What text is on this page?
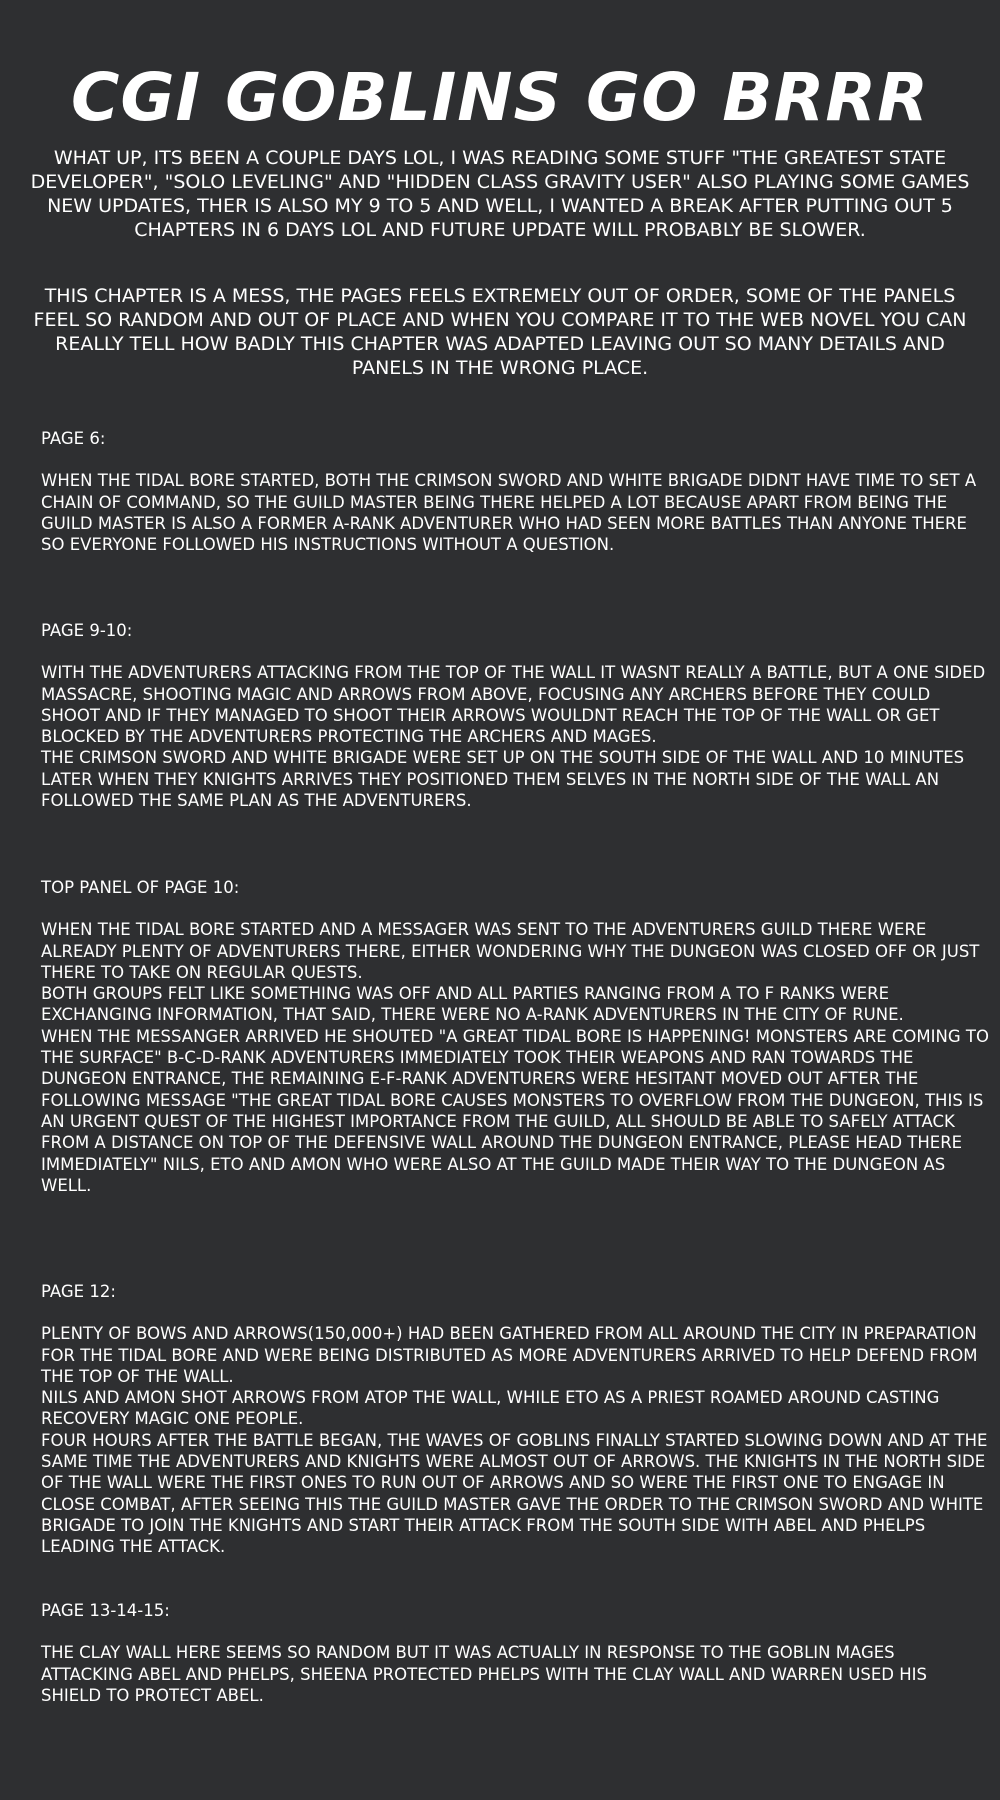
CGI GOBLINS GO BRRR
WHAT UP, ITS BEEN A COUPLE DAYS LOL, I WAS READING SOME STUFF "THE GREATEST STATE DEVELOPER", "SOLO LEVELING" AND "HIDDEN CLASS GRAVITY USER" ALSO PLAYING SOME GAMES NEW UPDATES, THER IS ALSO MY 9 TO 5 AND WELL, I WANTED A BREAK AFTER PUTTING OUT 5 CHAPTERS IN 6 DAYS LOL AND FUTURE UPDATE WILL PROBABLY BE SLOWER.
THIS CHAPTER IS A MESS, THE PAGES FEELS EXTREMELY OUT OF ORDER, SOME OF THE PANELS FEEL SO RANDOM AND OUT OF PLACE AND WHEN YOU COMPARE IT TO THE WEB NOVEL YOU CAN REALLY TELL HOW BADLY THIS CHAPTER WAS ADAPTED LEAVING OUT SO MANY DETAILS AND PANELS IN THE WRONG PLACE.
PAGE 6:
WHEN THE TIDAL BORE STARTED, BOTH THE CRIMSON SWORD AND WHITE BRIGADE DIDNT HAVE TIME TO SET A CHAIN OF COMMAND, SO THE GUILD MASTER BEING THERE HELPED A LOT BECAUSE APART FROM BEING THE GUILD MASTER IS ALSO A FORMER A-RANK ADVENTURER WHO HAD SEEN MORE BATTLES THAN ANYONE THERE SO EVERYONE FOLLOWED HIS INSTRUCTIONS WITHOUT A QUESTION.
PAGE 9-10:
WITH THE ADVENTURERS ATTACKING FROM THE TOP OF THE WALL IT WASNT REALLY A BATTLE, BUT A ONE SIDED MASSACRE, SHOOTING MAGIC AND ARROWS FROM ABOVE, FOCUSING ANY ARCHERS BEFORE THEY COULD SHOOT AND IF THEY MANAGED TO SHOOT THEIR ARROWS WOULDNT REACH THE TOP OF THE WALL OR GET BLOCKED BY THE ADVENTURERS PROTECTING THE ARCHERS AND MAGES.
THE CRIMSON SWORD AND WHITE BRIGADE WERE SET UP ON THE SOUTH SIDE OF THE WALL AND 10 MINUTES LATER WHEN THEY KNIGHTS ARRIVES THEY POSITIONED THEM SELVES IN THE NORTH SIDE OF THE WALL AN FOLLOWED THE SAME PLAN AS THE ADVENTURERS.
TOP PANEL OF PAGE 10:
WHEN THE TIDAL BORE STARTED AND A MESSAGER WAS SENT TO THE ADVENTURERS GUILD THERE WERE ALREADY PLENTY OF ADVENTURERS THERE, EITHER WONDERING WHY THE DUNGEON WAS CLOSED OFF OR JUST THERE TO TAKE ON REGULAR QUESTS.
BOTH GROUPS FELT LIKE SOMETHING WAS OFF AND ALL PARTIES RANGING FROM A TO F RANKS WERE EXCHANGING INFORMATION, THAT SAID, THERE WERE NO A-RANK ADVENTURERS IN THE CITY OF RUNE.
WHEN THE MESSANGER ARRIVED HE SHOUTED "A GREAT TIDAL BORE IS HAPPENING! MONSTERS ARE COMING TO THE SURFACE" B-C-D-RANK ADVENTURERS IMMEDIATELY TOOK THEIR WEAPONS AND RAN TOWARDS THE DUNGEON ENTRANCE, THE REMAINING E-F-RANK ADVENTURERS WERE HESITANT MOVED OUT AFTER THE FOLLOWING MESSAGE "THE GREAT TIDAL BORE CAUSES MONSTERS TO OVERFLOW FROM THE DUNGEON, THIS IS AN URGENT QUEST OF THE HIGHEST IMPORTANCE FROM THE GUILD, ALL SHOULD BE ABLE TO SAFELY ATTACK FROM A DISTANCE ON TOP OF THE DEFENSIVE WALL AROUND THE DUNGEON ENTRANCE, PLEASE HEAD THERE IMMEDIATELY" NILS, ETO AND AMON WHO WERE ALSO AT THE GUILD MADE THEIR WAY TO THE DUNGEON AS WELL.
PAGE 12:
PLENTY OF BOWS AND ARROWS(150,000+) HAD BEEN GATHERED FROM ALL AROUND THE CITY IN PREPARATION FOR THE TIDAL BORE AND WERE BEING DISTRIBUTED AS MORE ADVENTURERS ARRIVED TO HELP DEFEND FROM THE TOP OF THE WALL.
NILS AND AMON SHOT ARROWS FROM ATOP THE WALL, WHILE ETO AS A PRIEST ROAMED AROUND CASTING RECOVERY MAGIC ONE PEOPLE.
FOUR HOURS AFTER THE BATTLE BEGAN, THE WAVES OF GOBLINS FINALLY STARTED SLOWING DOWN AND AT THE SAME TIME THE ADVENTURERS AND KNIGHTS WERE ALMOST OUT OF ARROWS. THE KNIGHTS IN THE NORTH SIDE OF THE WALL WERE THE FIRST ONES TO RUN OUT OF ARROWS AND SO WERE THE FIRST ONE TO ENGAGE IN CLOSE COMBAT, AFTER SEEING THIS THE GUILD MASTER GAVE THE ORDER TO THE CRIMSON SWORD AND WHITE BRIGADE TO JOIN THE KNIGHTS AND START THEIR ATTACK FROM THE SOUTH SIDE WITH ABEL AND PHELPS LEADING THE ATTACK.
PAGE 13-14-15:
THE CLAY WALL HERE SEEMS SO RANDOM BUT IT WAS ACTUALLY IN RESPONSE TO THE GOBLIN MAGES ATTACKING ABEL AND PHELPS, SHEENA PROTECTED PHELPS WITH THE CLAY WALL AND WARREN USED HIS SHIELD TO PROTECT ABEL.
